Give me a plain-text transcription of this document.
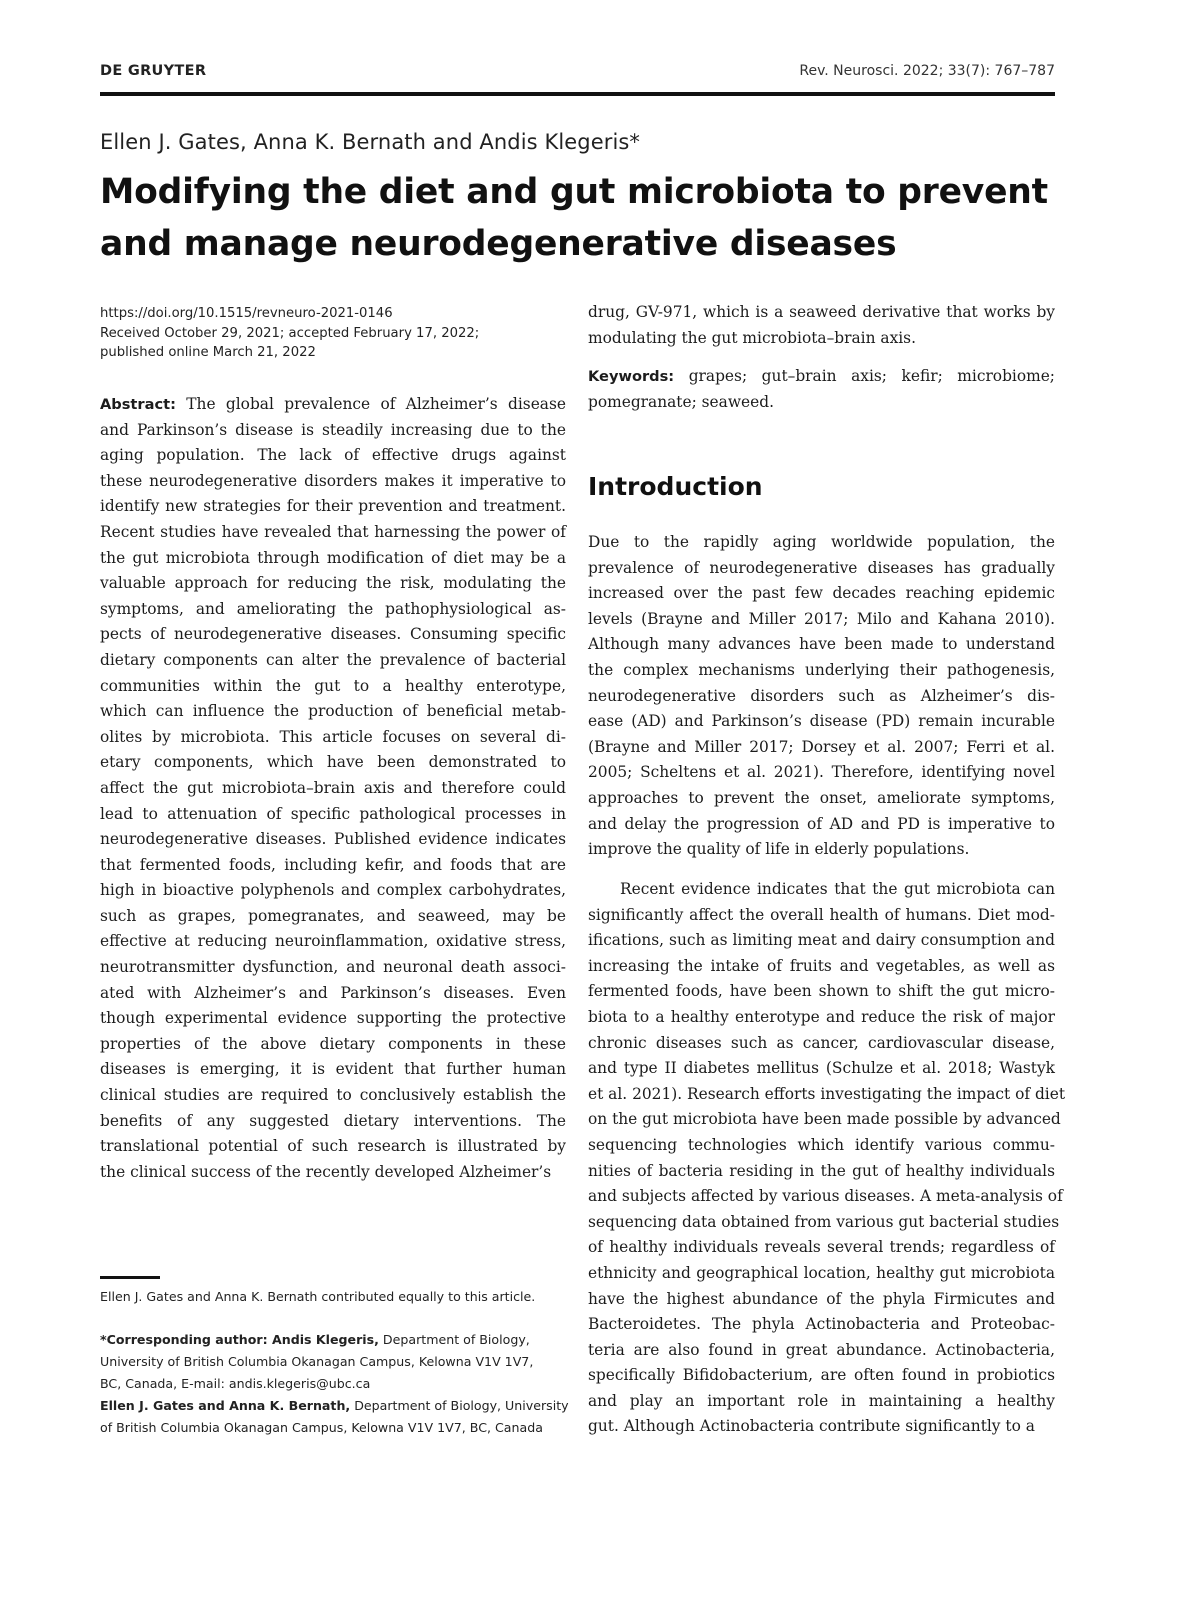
DE GRUYTER	Rev. Neurosci. 2022; 33(7): 767–787
Ellen J. Gates, Anna K. Bernath and Andis Klegeris*
Modifying the diet and gut microbiota to prevent
and manage neurodegenerative diseases
https://doi.org/10.1515/revneuro-2021-0146
Received October 29, 2021; accepted February 17, 2022;
published online March 21, 2022
Abstract: The global prevalence of Alzheimer’s disease
and Parkinson’s disease is steadily increasing due to the
aging population. The lack of effective drugs against
these neurodegenerative disorders makes it imperative to
identify new strategies for their prevention and treatment.
Recent studies have revealed that harnessing the power of
the gut microbiota through modification of diet may be a
valuable approach for reducing the risk, modulating the
symptoms, and ameliorating the pathophysiological as-
pects of neurodegenerative diseases. Consuming specific
dietary components can alter the prevalence of bacterial
communities within the gut to a healthy enterotype,
which can influence the production of beneficial metab-
olites by microbiota. This article focuses on several di-
etary components, which have been demonstrated to
affect the gut microbiota–brain axis and therefore could
lead to attenuation of specific pathological processes in
neurodegenerative diseases. Published evidence indicates
that fermented foods, including kefir, and foods that are
high in bioactive polyphenols and complex carbohydrates,
such as grapes, pomegranates, and seaweed, may be
effective at reducing neuroinflammation, oxidative stress,
neurotransmitter dysfunction, and neuronal death associ-
ated with Alzheimer’s and Parkinson’s diseases. Even
though experimental evidence supporting the protective
properties of the above dietary components in these
diseases is emerging, it is evident that further human
clinical studies are required to conclusively establish the
benefits of any suggested dietary interventions. The
translational potential of such research is illustrated by
the clinical success of the recently developed Alzheimer’s
drug, GV-971, which is a seaweed derivative that works by
modulating the gut microbiota–brain axis.
Keywords: grapes; gut–brain axis; kefir; microbiome;
pomegranate; seaweed.
Introduction
Due to the rapidly aging worldwide population, the
prevalence of neurodegenerative diseases has gradually
increased over the past few decades reaching epidemic
levels (Brayne and Miller 2017; Milo and Kahana 2010).
Although many advances have been made to understand
the complex mechanisms underlying their pathogenesis,
neurodegenerative disorders such as Alzheimer’s dis-
ease (AD) and Parkinson’s disease (PD) remain incurable
(Brayne and Miller 2017; Dorsey et al. 2007; Ferri et al.
2005; Scheltens et al. 2021). Therefore, identifying novel
approaches to prevent the onset, ameliorate symptoms,
and delay the progression of AD and PD is imperative to
improve the quality of life in elderly populations.
Recent evidence indicates that the gut microbiota can
significantly affect the overall health of humans. Diet mod-
ifications, such as limiting meat and dairy consumption and
increasing the intake of fruits and vegetables, as well as
fermented foods, have been shown to shift the gut micro-
biota to a healthy enterotype and reduce the risk of major
chronic diseases such as cancer, cardiovascular disease,
and type II diabetes mellitus (Schulze et al. 2018; Wastyk
et al. 2021). Research efforts investigating the impact of diet
on the gut microbiota have been made possible by advanced
sequencing technologies which identify various commu-
nities of bacteria residing in the gut of healthy individuals
and subjects affected by various diseases. A meta-analysis of
sequencing data obtained from various gut bacterial studies
of healthy individuals reveals several trends; regardless of
ethnicity and geographical location, healthy gut microbiota
have the highest abundance of the phyla Firmicutes and
Bacteroidetes. The phyla Actinobacteria and Proteobac-
teria are also found in great abundance. Actinobacteria,
specifically Bifidobacterium, are often found in probiotics
and play an important role in maintaining a healthy
gut. Although Actinobacteria contribute significantly to a
Ellen J. Gates and Anna K. Bernath contributed equally to this article.
*Corresponding author: Andis Klegeris, Department of Biology,
University of British Columbia Okanagan Campus, Kelowna V1V 1V7,
BC, Canada, E-mail: andis.klegeris@ubc.ca
Ellen J. Gates and Anna K. Bernath, Department of Biology, University
of British Columbia Okanagan Campus, Kelowna V1V 1V7, BC, Canada
